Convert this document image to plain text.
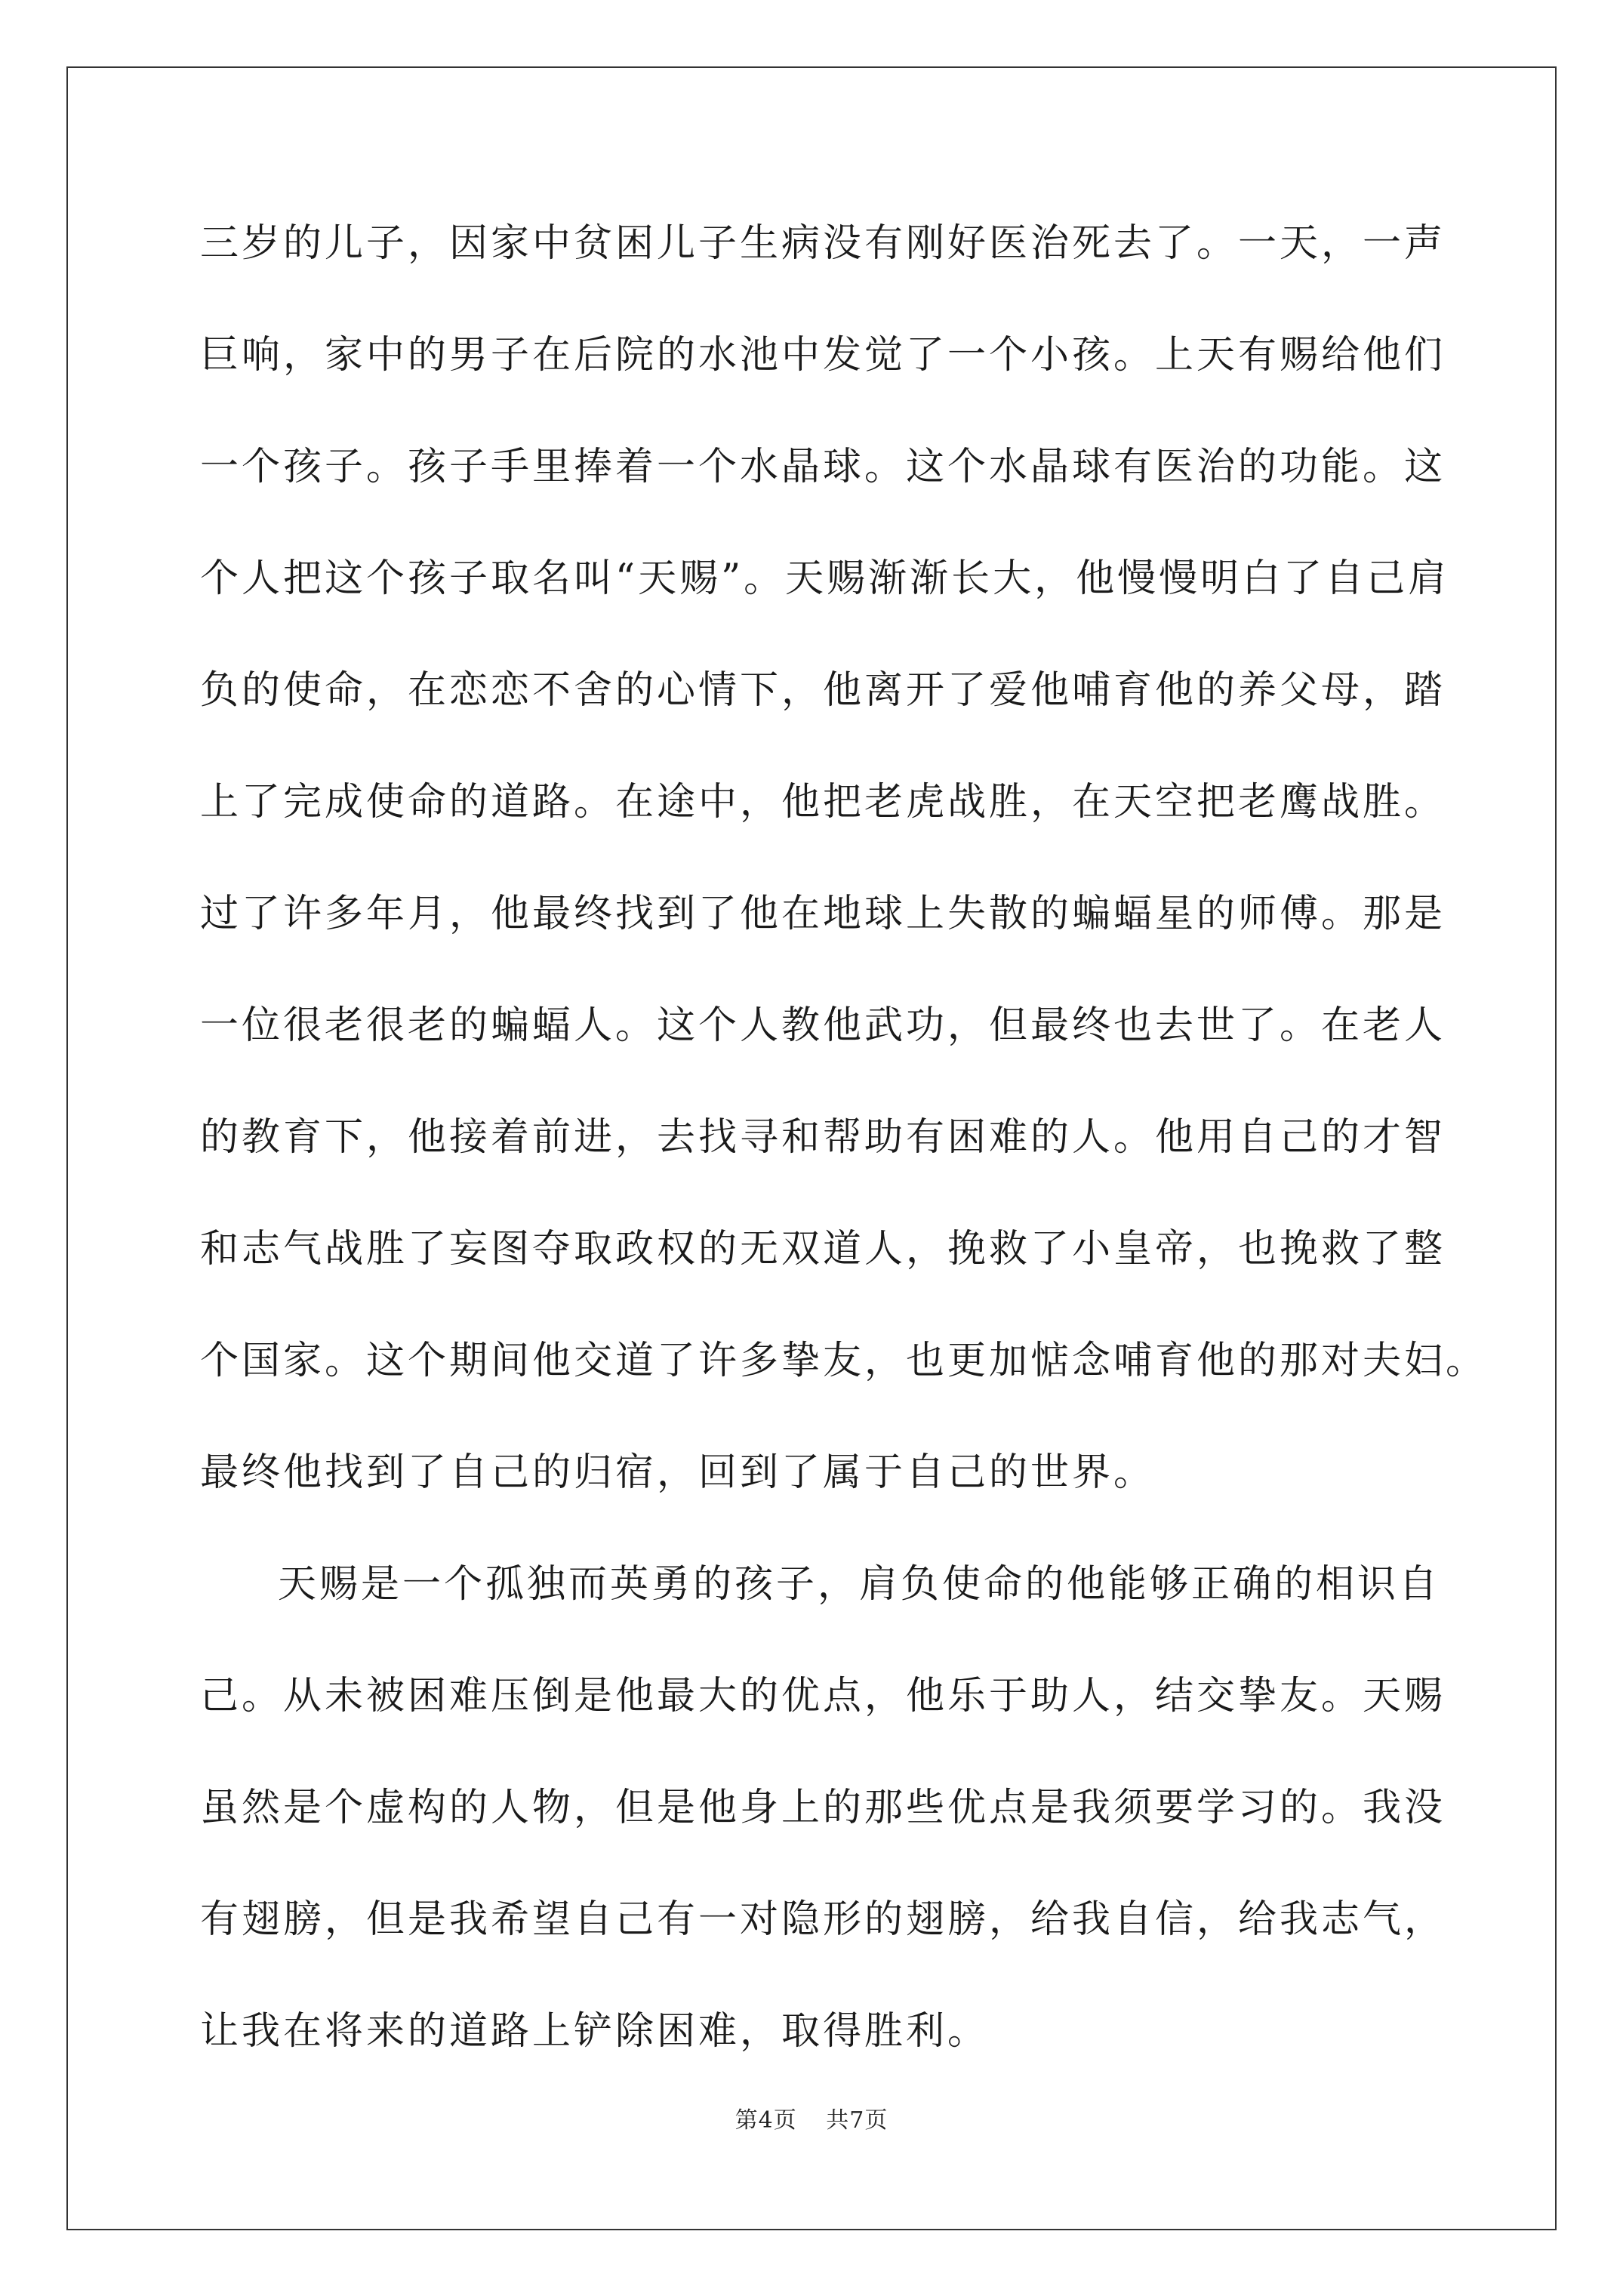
三岁的儿子，因家中贫困儿子生病没有刚好医治死去了。一天，一声
巨响，家中的男子在后院的水池中发觉了一个小孩。上天有赐给他们
一个孩子。孩子手里捧着一个水晶球。这个水晶球有医治的功能。这
个人把这个孩子取名叫“天赐”。天赐渐渐长大，他慢慢明白了自己肩
负的使命，在恋恋不舍的心情下，他离开了爱他哺育他的养父母，踏
上了完成使命的道路。在途中，他把老虎战胜，在天空把老鹰战胜。
过了许多年月，他最终找到了他在地球上失散的蝙蝠星的师傅。那是
一位很老很老的蝙蝠人。这个人教他武功，但最终也去世了。在老人
的教育下，他接着前进，去找寻和帮助有困难的人。他用自己的才智
和志气战胜了妄图夺取政权的无双道人，挽救了小皇帝，也挽救了整
个国家。这个期间他交道了许多挚友，也更加惦念哺育他的那对夫妇。
最终他找到了自己的归宿，回到了属于自己的世界。
天赐是一个孤独而英勇的孩子，肩负使命的他能够正确的相识自
己。从未被困难压倒是他最大的优点，他乐于助人，结交挚友。天赐
虽然是个虚构的人物，但是他身上的那些优点是我须要学习的。我没
有翅膀，但是我希望自己有一对隐形的翅膀，给我自信，给我志气，
让我在将来的道路上铲除困难，取得胜利。
第4页 共7页
